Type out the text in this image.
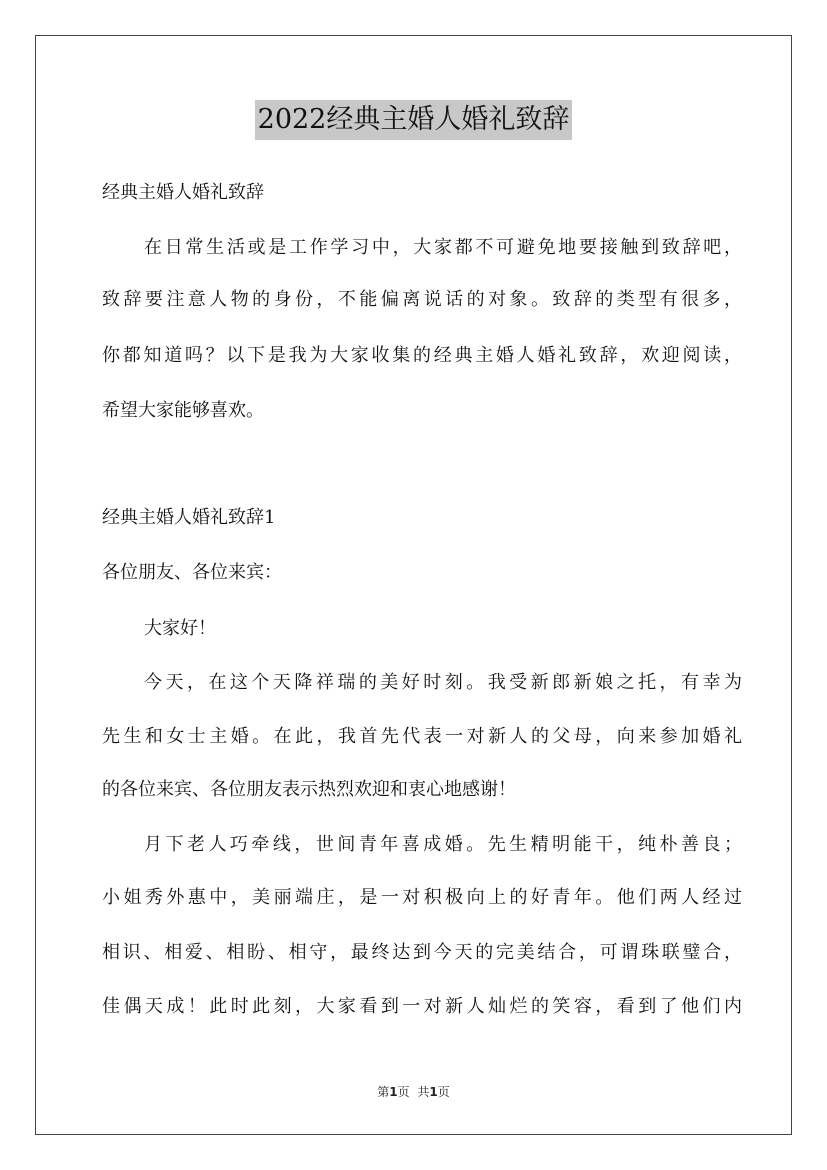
2022经典主婚人婚礼致辞
经典主婚人婚礼致辞
在日常生活或是工作学习中，大家都不可避免地要接触到致辞吧，
致辞要注意人物的身份，不能偏离说话的对象。致辞的类型有很多，
你都知道吗？以下是我为大家收集的经典主婚人婚礼致辞，欢迎阅读，
希望大家能够喜欢。
经典主婚人婚礼致辞1
各位朋友、各位来宾：
大家好！
今天，在这个天降祥瑞的美好时刻。我受新郎新娘之托，有幸为
先生和女士主婚。在此，我首先代表一对新人的父母，向来参加婚礼
的各位来宾、各位朋友表示热烈欢迎和衷心地感谢！
月下老人巧牵线，世间青年喜成婚。先生精明能干，纯朴善良；
小姐秀外惠中，美丽端庄，是一对积极向上的好青年。他们两人经过
相识、相爱、相盼、相守，最终达到今天的完美结合，可谓珠联璧合，
佳偶天成！此时此刻，大家看到一对新人灿烂的笑容，看到了他们内
第1页 共1页
